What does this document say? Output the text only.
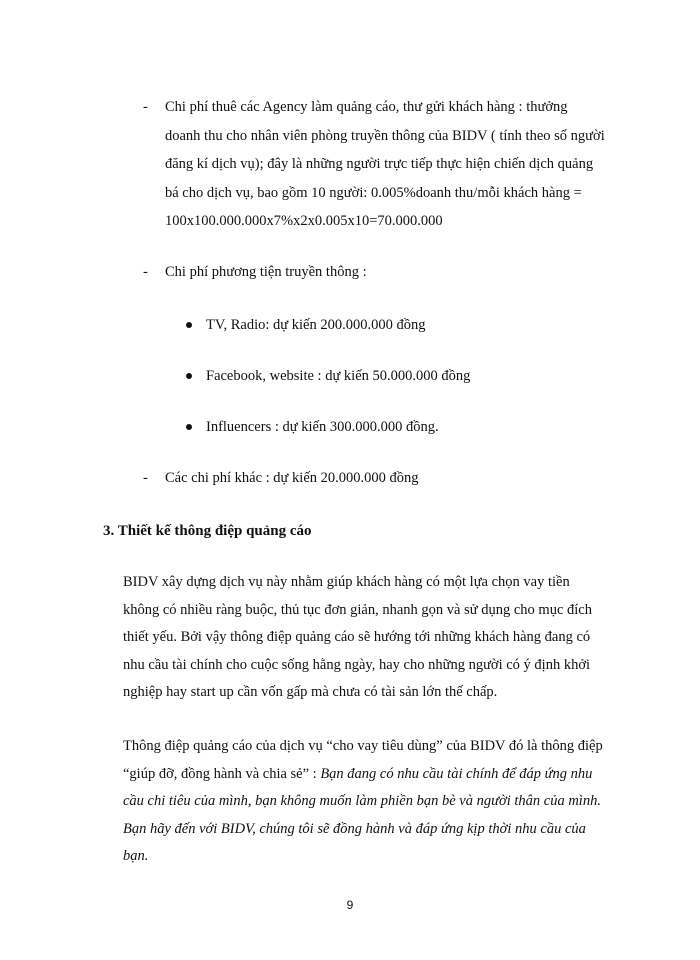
- Chi phí thuê các Agency làm quảng cáo, thư gửi khách hàng : thưởng
doanh thu cho nhân viên phòng truyền thông của BIDV ( tính theo số người
đăng kí dịch vụ); đây là những người trực tiếp thực hiện chiến dịch quảng
bá cho dịch vụ, bao gồm 10 người: 0.005%doanh thu/mỗi khách hàng =
100x100.000.000x7%x2x0.005x10=70.000.000
- Chi phí phương tiện truyền thông :
TV, Radio: dự kiến 200.000.000 đồng
Facebook, website : dự kiến 50.000.000 đồng
Influencers : dự kiến 300.000.000 đồng.
- Các chi phí khác : dự kiến 20.000.000 đồng
3. Thiết kế thông điệp quảng cáo
BIDV xây dựng dịch vụ này nhằm giúp khách hàng có một lựa chọn vay tiền
không có nhiều ràng buộc, thủ tục đơn giản, nhanh gọn và sử dụng cho mục đích
thiết yếu. Bởi vậy thông điệp quảng cáo sẽ hướng tới những khách hàng đang có
nhu cầu tài chính cho cuộc sống hằng ngày, hay cho những người có ý định khởi
nghiệp hay start up cần vốn gấp mà chưa có tài sản lớn thế chấp.
Thông điệp quảng cáo của dịch vụ “cho vay tiêu dùng” của BIDV đó là thông điệp
“giúp đỡ, đồng hành và chia sẻ” : Bạn đang có nhu cầu tài chính để đáp ứng nhu
cầu chi tiêu của mình, bạn không muốn làm phiền bạn bè và người thân của mình.
Bạn hãy đến với BIDV, chúng tôi sẽ đồng hành và đáp ứng kịp thời nhu cầu của
bạn.
9
